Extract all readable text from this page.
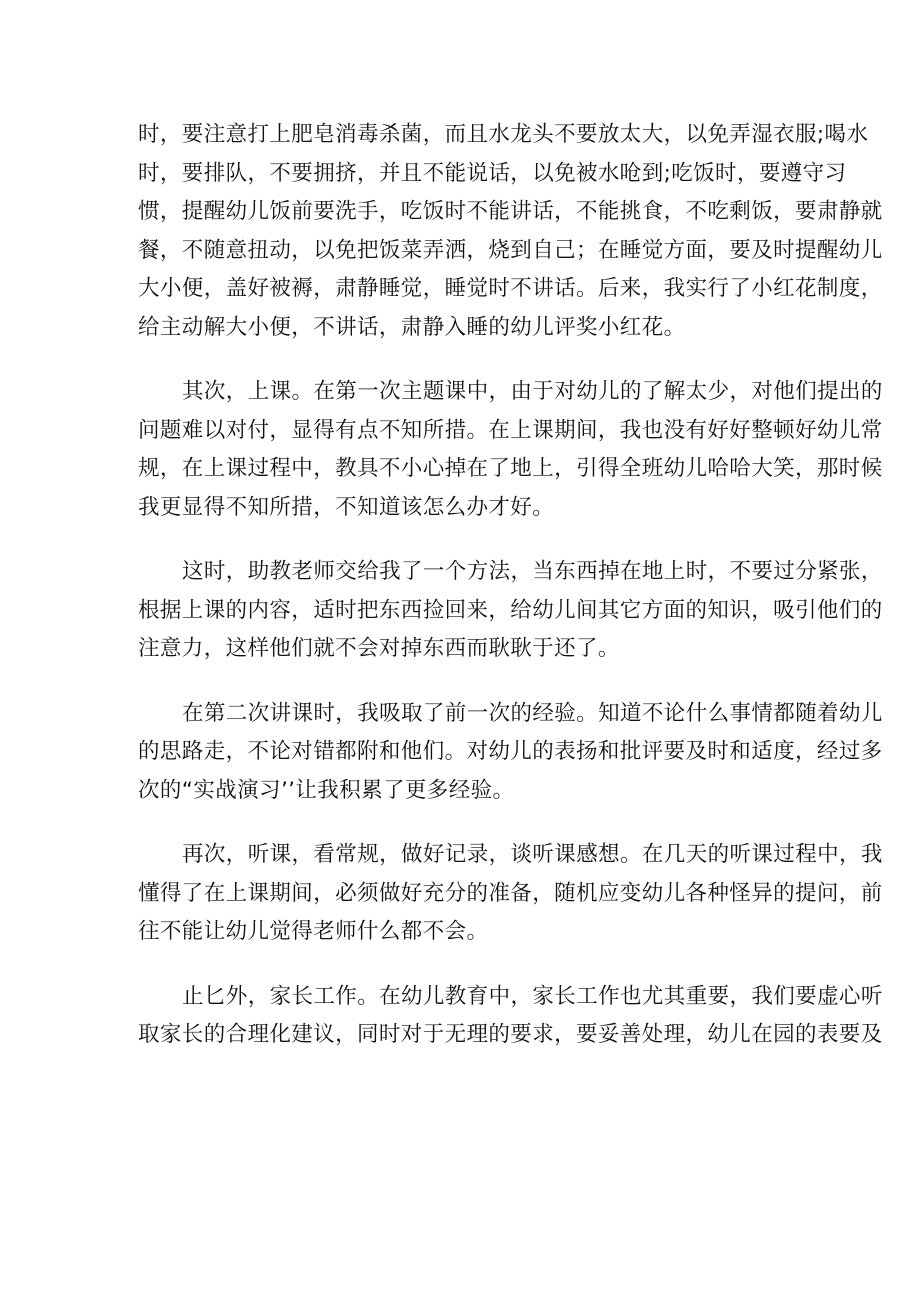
时，要注意打上肥皂消毒杀菌，而且水龙头不要放太大，以免弄湿衣服;喝水
时，要排队，不要拥挤，并且不能说话，以免被水呛到;吃饭时，要遵守习
惯，提醒幼儿饭前要洗手，吃饭时不能讲话，不能挑食，不吃剩饭，要肃静就
餐，不随意扭动，以免把饭菜弄洒，烧到自己；在睡觉方面，要及时提醒幼儿
大小便，盖好被褥，肃静睡觉，睡觉时不讲话。后来，我实行了小红花制度，
给主动解大小便，不讲话，肃静入睡的幼儿评奖小红花。

其次，上课。在第一次主题课中，由于对幼儿的了解太少，对他们提出的
问题难以对付，显得有点不知所措。在上课期间，我也没有好好整顿好幼儿常
规，在上课过程中，教具不小心掉在了地上，引得全班幼儿哈哈大笑，那时候
我更显得不知所措，不知道该怎么办才好。

这时，助教老师交给我了一个方法，当东西掉在地上时，不要过分紧张，
根据上课的内容，适时把东西捡回来，给幼儿间其它方面的知识，吸引他们的
注意力，这样他们就不会对掉东西而耿耿于还了。

在第二次讲课时，我吸取了前一次的经验。知道不论什么事情都随着幼儿
的思路走，不论对错都附和他们。对幼儿的表扬和批评要及时和适度，经过多
次的“实战演习’’让我积累了更多经验。

再次，听课，看常规，做好记录，谈听课感想。在几天的听课过程中，我
懂得了在上课期间，必须做好充分的准备，随机应变幼儿各种怪异的提问，前
往不能让幼儿觉得老师什么都不会。

止匕外，家长工作。在幼儿教育中，家长工作也尤其重要，我们要虚心听
取家长的合理化建议，同时对于无理的要求，要妥善处理，幼儿在园的表要及
